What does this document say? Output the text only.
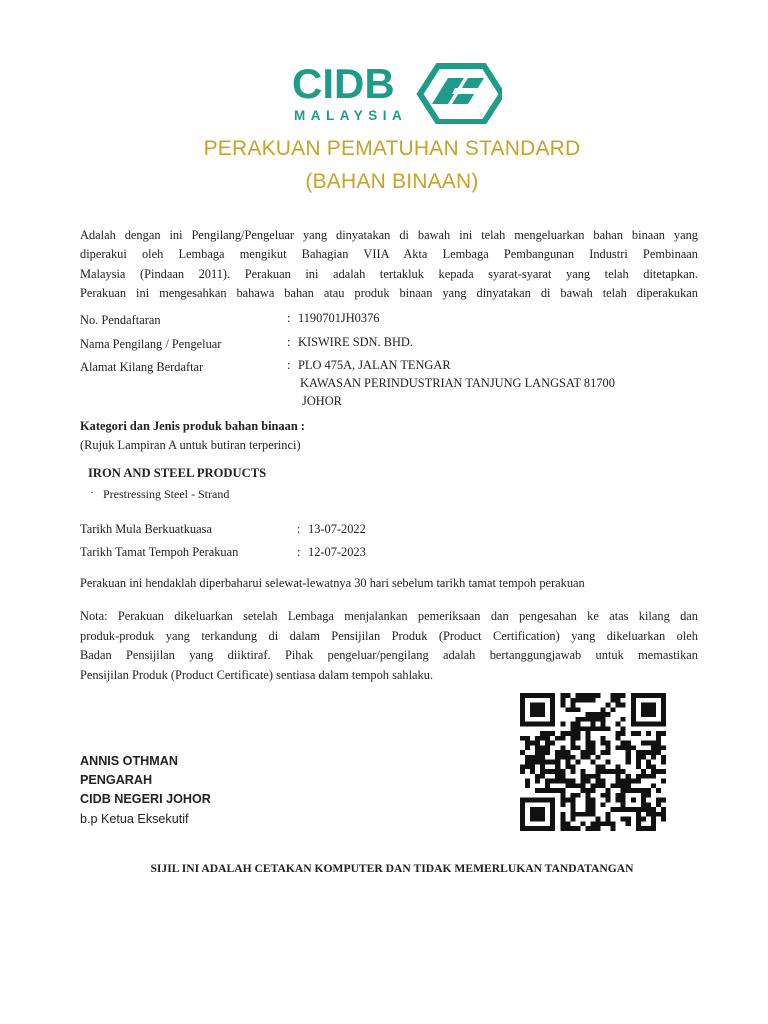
CIDB
MALAYSIA
PERAKUAN PEMATUHAN STANDARD
(BAHAN BINAAN)
Adalah dengan ini Pengilang/Pengeluar yang dinyatakan di bawah ini telah mengeluarkan bahan binaan yang
diperakui oleh Lembaga mengikut Bahagian VIIA Akta Lembaga Pembangunan Industri Pembinaan
Malaysia (Pindaan 2011). Perakuan ini adalah tertakluk kepada syarat-syarat yang telah ditetapkan.
Perakuan ini mengesahkan bahawa bahan atau produk binaan yang dinyatakan di bawah telah diperakukan
No. Pendaftaran	: 1190701JH0376
Nama Pengilang / Pengeluar	: KISWIRE SDN. BHD.
Alamat Kilang Berdaftar	: PLO 475A, JALAN TENGAR
KAWASAN PERINDUSTRIAN TANJUNG LANGSAT 81700
JOHOR
Kategori dan Jenis produk bahan binaan :
(Rujuk Lampiran A untuk butiran terperinci)
IRON AND STEEL PRODUCTS
· Prestressing Steel - Strand
Tarikh Mula Berkuatkuasa	: 13-07-2022
Tarikh Tamat Tempoh Perakuan	: 12-07-2023
Perakuan ini hendaklah diperbaharui selewat-lewatnya 30 hari sebelum tarikh tamat tempoh perakuan
Nota: Perakuan dikeluarkan setelah Lembaga menjalankan pemeriksaan dan pengesahan ke atas kilang dan
produk-produk yang terkandung di dalam Pensijilan Produk (Product Certification) yang dikeluarkan oleh
Badan Pensijilan yang diiktiraf. Pihak pengeluar/pengilang adalah bertanggungjawab untuk memastikan
Pensijilan Produk (Product Certificate) sentiasa dalam tempoh sahlaku.
ANNIS OTHMAN
PENGARAH
CIDB NEGERI JOHOR
b.p Ketua Eksekutif
SIJIL INI ADALAH CETAKAN KOMPUTER DAN TIDAK MEMERLUKAN TANDATANGAN
